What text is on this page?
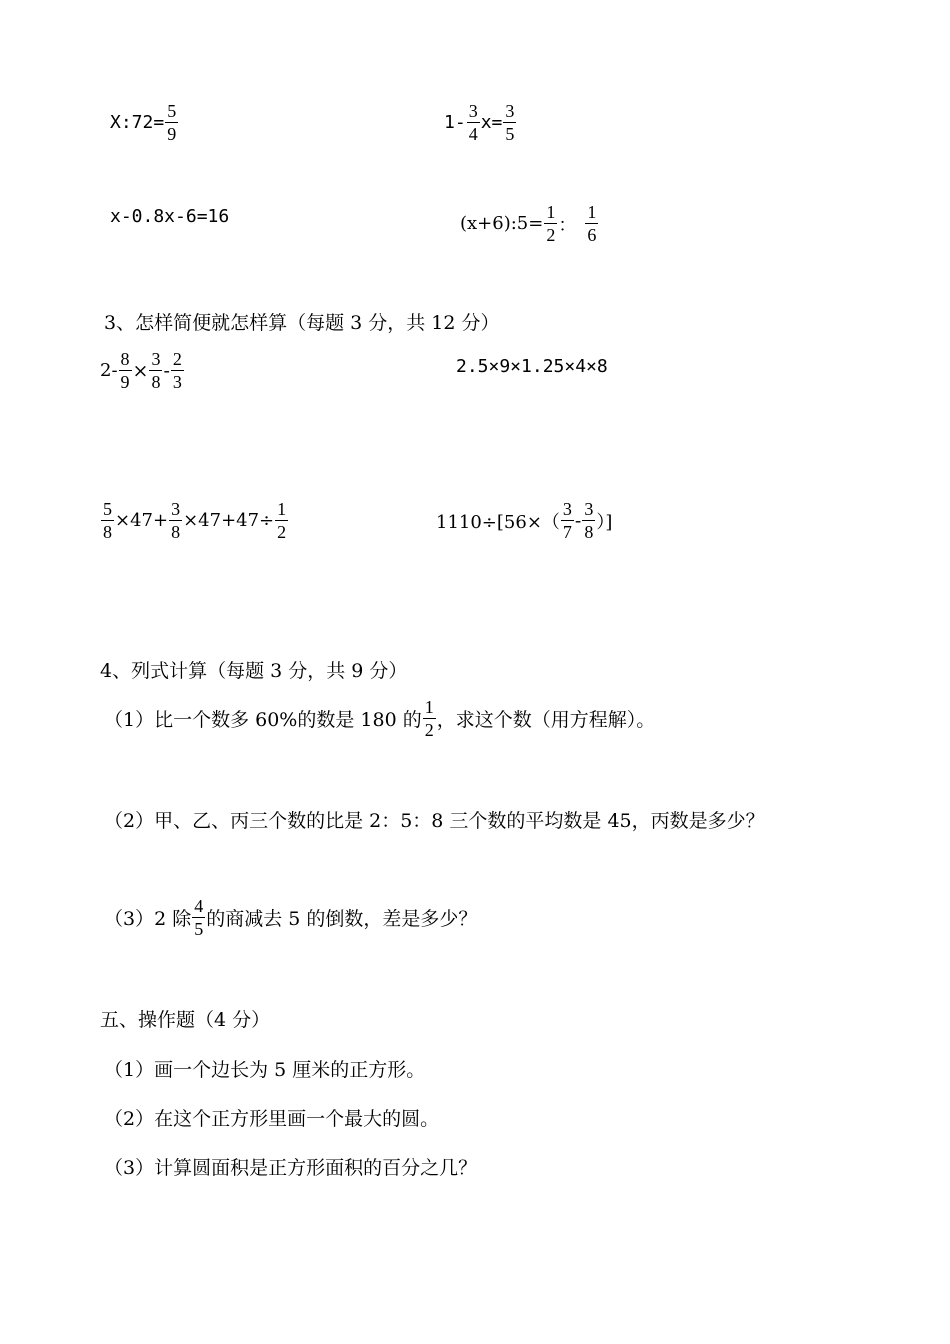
X:72= $\frac{5}{9}$	$1- \frac{3}{4} x= \frac{3}{5}$
x-0.8x-6=16	(x+6):5= $\frac{1}{2}$ ： $\frac{1}{6}$
3、怎样简便就怎样算（每题 3 分，共 12 分）
$2- \frac{8}{9} \times \frac{3}{8} - \frac{2}{3}$	2.5×9×1.25×4×8
$\frac{5}{8} \times 47+ \frac{3}{8} \times 47+47\div \frac{1}{2}$	$1110\div[56\times( \frac{3}{7} - \frac{3}{8}$ ）]
4、列式计算（每题 3 分，共 9 分）
（1）比一个数多 60%的数是 180 的 $\frac{1}{2}$ ，求这个数（用方程解）。
（2）甲、乙、丙三个数的比是 2：5：8 三个数的平均数是 45，丙数是多少？
（3）2 除 $\frac{4}{5}$ 的商减去 5 的倒数，差是多少？
五、操作题（4 分）
（1）画一个边长为 5 厘米的正方形。
（2）在这个正方形里画一个最大的圆。
（3）计算圆面积是正方形面积的百分之几？
